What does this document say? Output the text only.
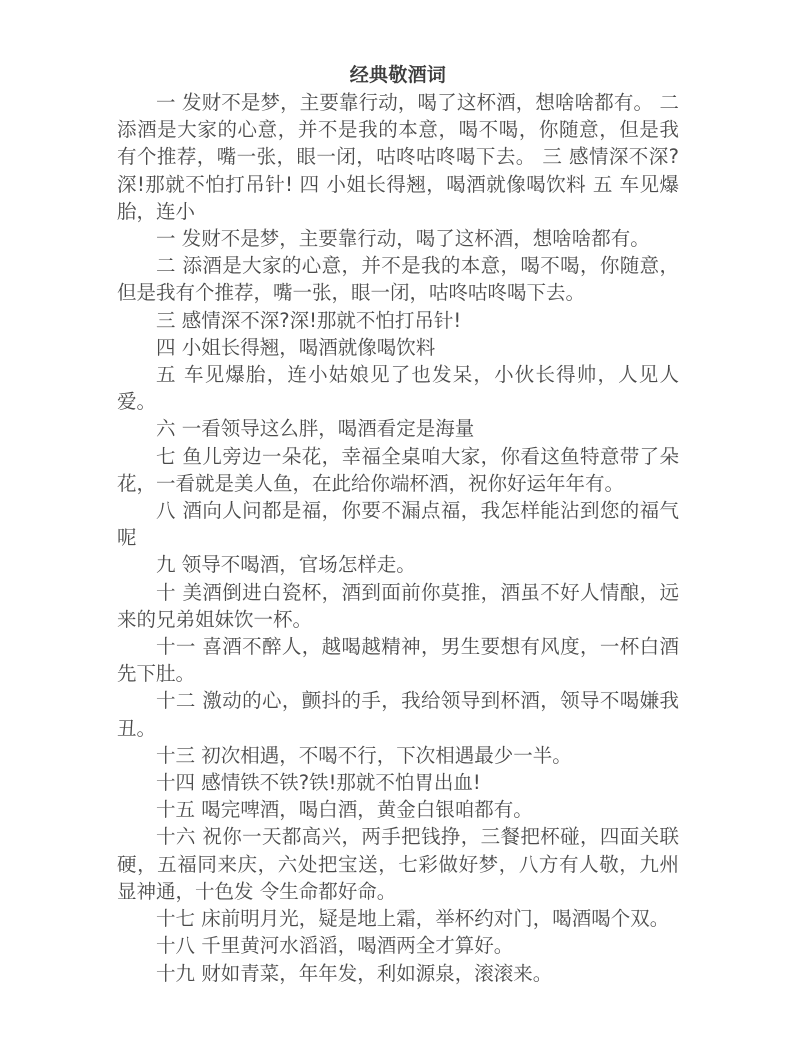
经典敬酒词

一 发财不是梦，主要靠行动，喝了这杯酒，想啥啥都有。 二 添酒是大家的心意，并不是我的本意，喝不喝，你随意，但是我有个推荐，嘴一张，眼一闭，咕咚咕咚喝下去。 三 感情深不深?深!那就不怕打吊针! 四 小姐长得翘，喝酒就像喝饮料 五 车见爆胎，连小

一 发财不是梦，主要靠行动，喝了这杯酒，想啥啥都有。

二 添酒是大家的心意，并不是我的本意，喝不喝，你随意，但是我有个推荐，嘴一张，眼一闭，咕咚咕咚喝下去。

三 感情深不深?深!那就不怕打吊针!

四 小姐长得翘，喝酒就像喝饮料

五 车见爆胎，连小姑娘见了也发呆，小伙长得帅，人见人爱。

六 一看领导这么胖，喝酒看定是海量

七 鱼儿旁边一朵花，幸福全桌咱大家，你看这鱼特意带了朵花，一看就是美人鱼，在此给你端杯酒，祝你好运年年有。

八 酒向人问都是福，你要不漏点福，我怎样能沾到您的福气呢

九 领导不喝酒，官场怎样走。

十 美酒倒进白瓷杯，酒到面前你莫推，酒虽不好人情酿，远来的兄弟姐妹饮一杯。

十一 喜酒不醉人，越喝越精神，男生要想有风度，一杯白酒先下肚。

十二 激动的心，颤抖的手，我给领导到杯酒，领导不喝嫌我丑。

十三 初次相遇，不喝不行，下次相遇最少一半。

十四 感情铁不铁?铁!那就不怕胃出血!

十五 喝完啤酒，喝白酒，黄金白银咱都有。

十六 祝你一天都高兴，两手把钱挣，三餐把杯碰，四面关联硬，五福同来庆，六处把宝送，七彩做好梦，八方有人敬，九州显神通，十色发 令生命都好命。

十七 床前明月光，疑是地上霜，举杯约对门，喝酒喝个双。

十八 千里黄河水滔滔，喝酒两全才算好。

十九 财如青菜，年年发，利如源泉，滚滚来。
